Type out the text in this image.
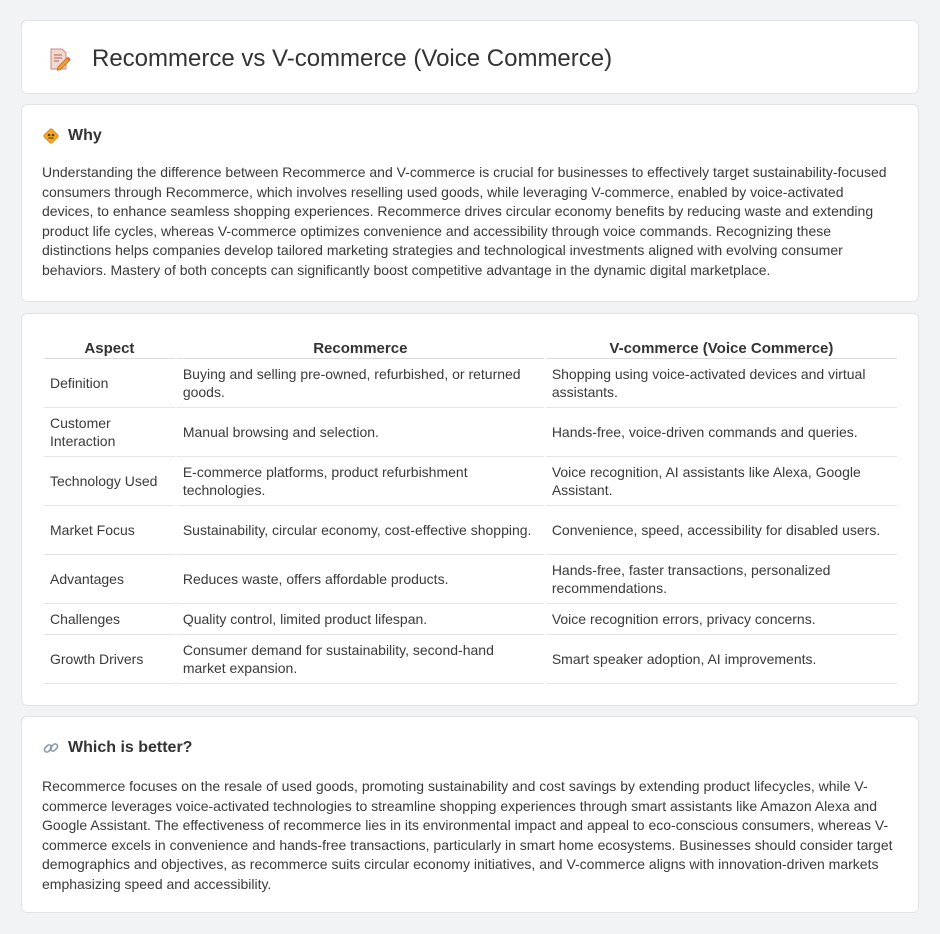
Recommerce vs V-commerce (Voice Commerce)
Why

Understanding the difference between Recommerce and V-commerce is crucial for businesses to effectively target sustainability-focused consumers through Recommerce, which involves reselling used goods, while leveraging V-commerce, enabled by voice-activated devices, to enhance seamless shopping experiences. Recommerce drives circular economy benefits by reducing waste and extending product life cycles, whereas V-commerce optimizes convenience and accessibility through voice commands. Recognizing these distinctions helps companies develop tailored marketing strategies and technological investments aligned with evolving consumer behaviors. Mastery of both concepts can significantly boost competitive advantage in the dynamic digital marketplace.

Aspect	Recommerce	V-commerce (Voice Commerce)
Definition	Buying and selling pre-owned, refurbished, or returned goods.	Shopping using voice-activated devices and virtual assistants.
Customer Interaction	Manual browsing and selection.	Hands-free, voice-driven commands and queries.
Technology Used	E-commerce platforms, product refurbishment technologies.	Voice recognition, AI assistants like Alexa, Google Assistant.
Market Focus	Sustainability, circular economy, cost-effective shopping.	Convenience, speed, accessibility for disabled users.
Advantages	Reduces waste, offers affordable products.	Hands-free, faster transactions, personalized recommendations.
Challenges	Quality control, limited product lifespan.	Voice recognition errors, privacy concerns.
Growth Drivers	Consumer demand for sustainability, second-hand market expansion.	Smart speaker adoption, AI improvements.
Which is better?

Recommerce focuses on the resale of used goods, promoting sustainability and cost savings by extending product lifecycles, while V-commerce leverages voice-activated technologies to streamline shopping experiences through smart assistants like Amazon Alexa and Google Assistant. The effectiveness of recommerce lies in its environmental impact and appeal to eco-conscious consumers, whereas V-commerce excels in convenience and hands-free transactions, particularly in smart home ecosystems. Businesses should consider target demographics and objectives, as recommerce suits circular economy initiatives, and V-commerce aligns with innovation-driven markets emphasizing speed and accessibility.
